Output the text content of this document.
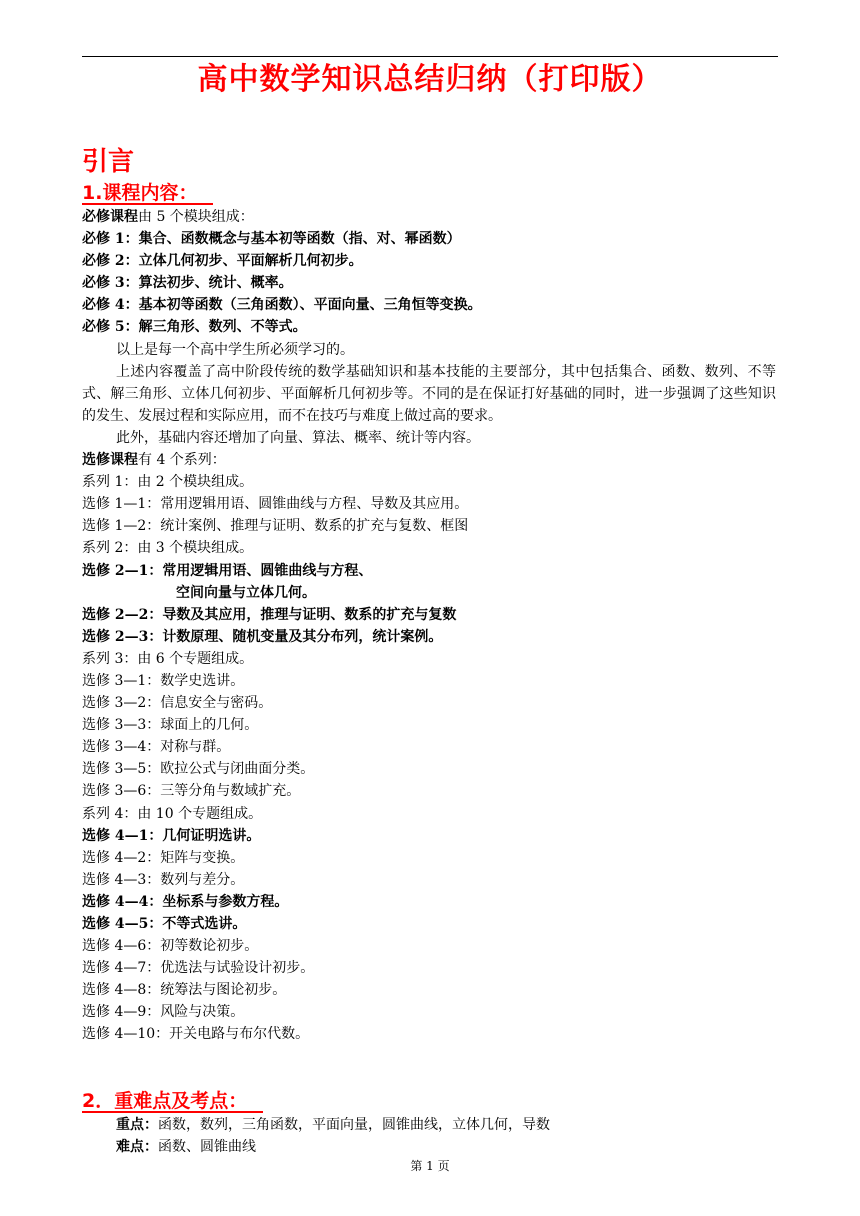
高中数学知识总结归纳（打印版）
引言
1.课程内容：
必修课程由 5 个模块组成：
必修 1：集合、函数概念与基本初等函数（指、对、幂函数）
必修 2：立体几何初步、平面解析几何初步。
必修 3：算法初步、统计、概率。
必修 4：基本初等函数（三角函数）、平面向量、三角恒等变换。
必修 5：解三角形、数列、不等式。
以上是每一个高中学生所必须学习的。
上述内容覆盖了高中阶段传统的数学基础知识和基本技能的主要部分，其中包括集合、函数、数列、不等式、解三角形、立体几何初步、平面解析几何初步等。不同的是在保证打好基础的同时，进一步强调了这些知识的发生、发展过程和实际应用，而不在技巧与难度上做过高的要求。
此外，基础内容还增加了向量、算法、概率、统计等内容。
选修课程有 4 个系列：
系列 1：由 2 个模块组成。
选修 1—1：常用逻辑用语、圆锥曲线与方程、导数及其应用。
选修 1—2：统计案例、推理与证明、数系的扩充与复数、框图
系列 2：由 3 个模块组成。
选修 2—1：常用逻辑用语、圆锥曲线与方程、
空间向量与立体几何。
选修 2—2：导数及其应用，推理与证明、数系的扩充与复数
选修 2—3：计数原理、随机变量及其分布列，统计案例。
系列 3：由 6 个专题组成。
选修 3—1：数学史选讲。
选修 3—2：信息安全与密码。
选修 3—3：球面上的几何。
选修 3—4：对称与群。
选修 3—5：欧拉公式与闭曲面分类。
选修 3—6：三等分角与数域扩充。
系列 4：由 10 个专题组成。
选修 4—1：几何证明选讲。
选修 4—2：矩阵与变换。
选修 4—3：数列与差分。
选修 4—4：坐标系与参数方程。
选修 4—5：不等式选讲。
选修 4—6：初等数论初步。
选修 4—7：优选法与试验设计初步。
选修 4—8：统筹法与图论初步。
选修 4—9：风险与决策。
选修 4—10：开关电路与布尔代数。
2．重难点及考点：
重点：函数，数列，三角函数，平面向量，圆锥曲线，立体几何，导数
难点：函数、圆锥曲线
第 1 页
